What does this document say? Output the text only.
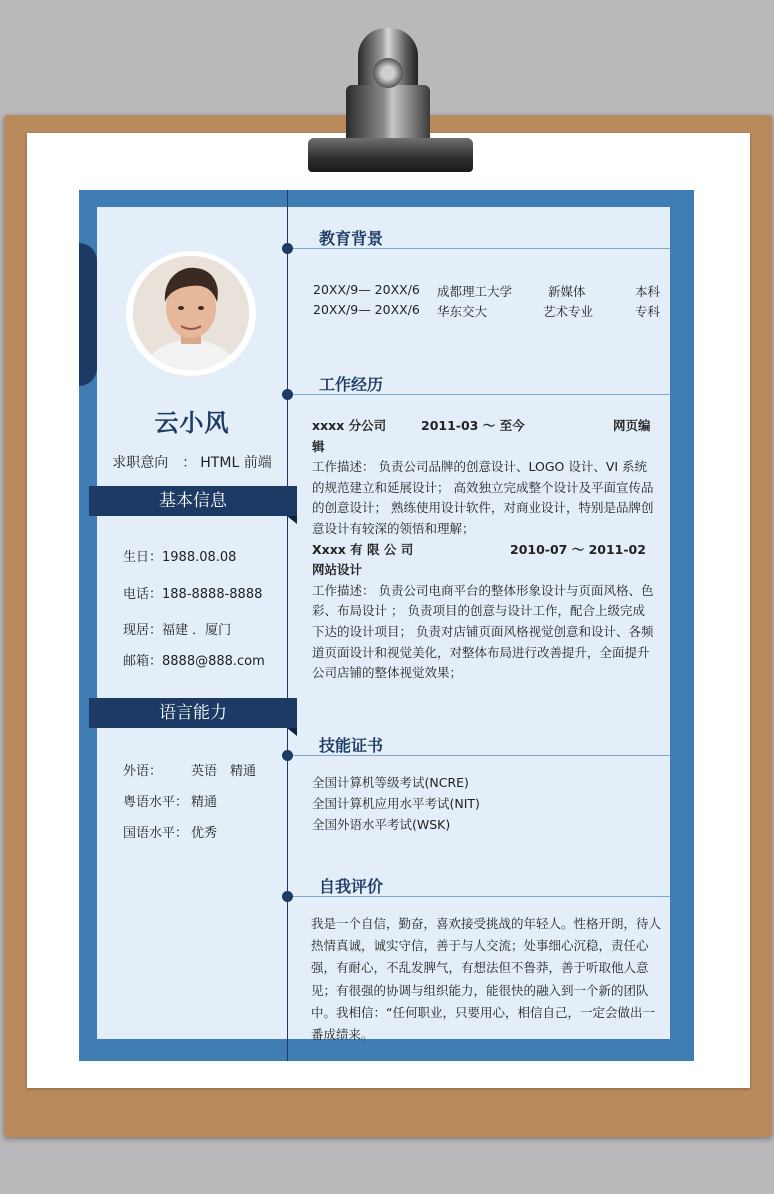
云小风
求职意向 ： HTML 前端
基本信息
生日：1988.08.08
电话：188-8888-8888
现居：福建 ．厦门
邮箱：8888@888.com
语言能力
外语： 英语　精通
粤语水平： 精通
国语水平： 优秀
教育背景
20XX/9— 20XX/6 成都理工大学	新媒体	本科
20XX/9— 20XX/6 华东交大	艺术专业	专科
工作经历
xxxx 分公司	2011-03 ～ 至今	网页编
辑
工作描述： 负责公司品牌的创意设计、LOGO 设计、VI 系统的规范建立和延展设计； 高效独立完成整个设计及平面宣传品的创意设计； 熟练使用设计软件，对商业设计，特别是品牌创意设计有较深的领悟和理解；
Xxxx 有 限 公 司	2010-07 ～ 2011-02
网站设计
工作描述： 负责公司电商平台的整体形象设计与页面风格、色彩、布局设计 ； 负责项目的创意与设计工作，配合上级完成下达的设计项目； 负责对店铺页面风格视觉创意和设计、各频道页面设计和视觉美化，对整体布局进行改善提升，全面提升公司店铺的整体视觉效果；
技能证书
全国计算机等级考试(NCRE)
全国计算机应用水平考试(NIT)
全国外语水平考试(WSK)
自我评价
我是一个自信，勤奋，喜欢接受挑战的年轻人。性格开朗，待人热情真诚，诚实守信，善于与人交流；处事细心沉稳，责任心强，有耐心，不乱发脾气，有想法但不鲁莽，善于听取他人意见；有很强的协调与组织能力，能很快的融入到一个新的团队中。我相信：“任何职业，只要用心，相信自己，一定会做出一番成绩来。
